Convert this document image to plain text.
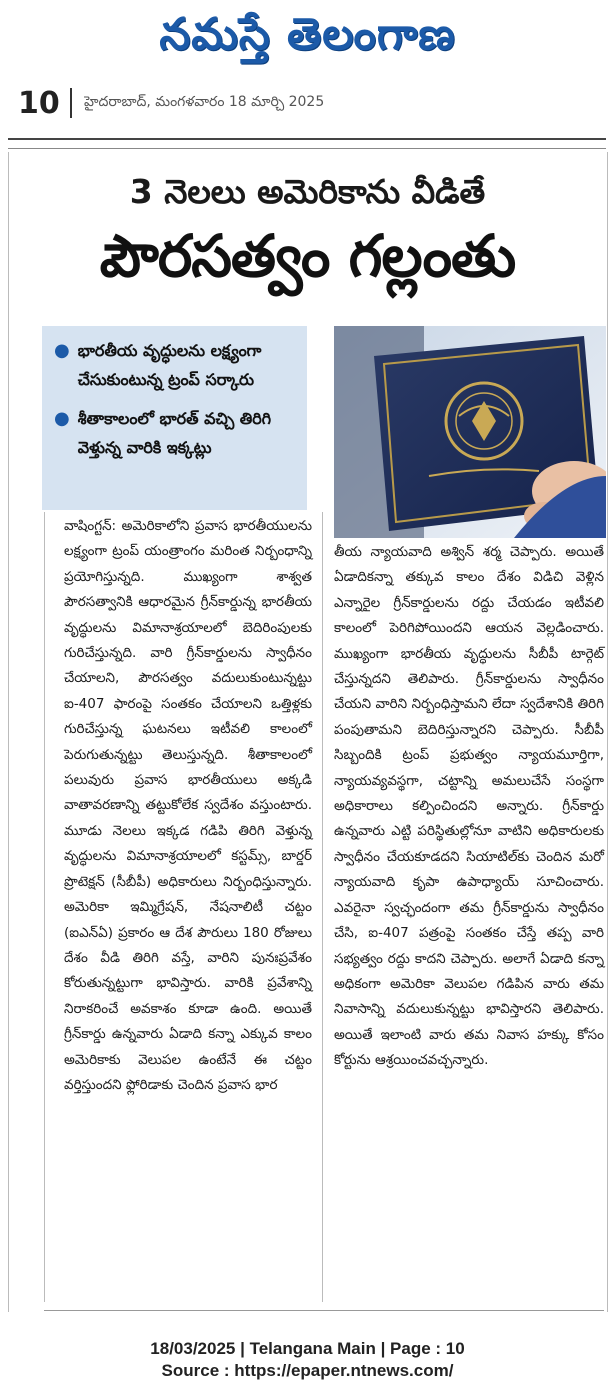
నమస్తే తెలంగాణ
10	హైదరాబాద్, మంగళవారం 18 మార్చి 2025
3 నెలలు అమెరికాను వీడితే
పౌరసత్వం గల్లంతు
● భారతీయ వృద్ధులను లక్ష్యంగా చేసుకుంటున్న ట్రంప్ సర్కారు
● శీతాకాలంలో భారత్ వచ్చి తిరిగి వెళ్తున్న వారికి ఇక్కట్లు
వాషింగ్టన్: అమెరికాలోని ప్రవాస భారతీయులను లక్ష్యంగా ట్రంప్ యంత్రాంగం మరింత నిర్బంధాన్ని ప్రయోగిస్తున్నది. ముఖ్యంగా శాశ్వత పౌరసత్వానికి ఆధారమైన గ్రీన్‌కార్డున్న భారతీయ వృద్ధులను విమానాశ్రయాలలో బెదిరింపులకు గురిచేస్తున్నది. వారి గ్రీన్‌కార్డులను స్వాధీనం చేయాలని, పౌరసత్వం వదులుకుంటున్నట్టు ఐ-407 ఫారంపై సంతకం చేయాలని ఒత్తిళ్లకు గురిచేస్తున్న ఘటనలు ఇటీవలి కాలంలో పెరుగుతున్నట్టు తెలుస్తున్నది. శీతాకాలంలో పలువురు ప్రవాస భారతీయులు అక్కడి వాతావరణాన్ని తట్టుకోలేక స్వదేశం వస్తుంటారు. మూడు నెలలు ఇక్కడ గడిపి తిరిగి వెళ్తున్న వృద్ధులను విమానాశ్రయాలలో కస్టమ్స్, బార్డర్ ప్రొటెక్షన్ (సీబీపీ) అధికారులు నిర్బంధిస్తున్నారు. అమెరికా ఇమ్మిగ్రేషన్, నేషనాలిటీ చట్టం (ఐఎన్ఏ) ప్రకారం ఆ దేశ పౌరులు 180 రోజులు దేశం వీడి తిరిగి వస్తే, వారిని పునఃప్రవేశం కోరుతున్నట్టుగా భావిస్తారు. వారికి ప్రవేశాన్ని నిరాకరించే అవకాశం కూడా ఉంది. అయితే గ్రీన్‌కార్డు ఉన్నవారు ఏడాది కన్నా ఎక్కువ కాలం అమెరికాకు వెలుపల ఉంటేనే ఈ చట్టం వర్తిస్తుందని ఫ్లోరిడాకు చెందిన ప్రవాస భార
తీయ న్యాయవాది అశ్విన్ శర్మ చెప్పారు. అయితే ఏడాదికన్నా తక్కువ కాలం దేశం విడిచి వెళ్లిన ఎన్నారైల గ్రీన్‌కార్డులను రద్దు చేయడం ఇటీవలి కాలంలో పెరిగిపోయిందని ఆయన వెల్లడించారు. ముఖ్యంగా భారతీయ వృద్ధులను సీబీపీ టార్గెట్ చేస్తున్నదని తెలిపారు. గ్రీన్‌కార్డులను స్వాధీనం చేయని వారిని నిర్బంధిస్తామని లేదా స్వదేశానికి తిరిగి పంపుతామని బెదిరిస్తున్నారని చెప్పారు. సీబీపీ సిబ్బందికి ట్రంప్ ప్రభుత్వం న్యాయమూర్తిగా, న్యాయవ్యవస్థగా, చట్టాన్ని అమలుచేసే సంస్థగా అధికారాలు కల్పించిందని అన్నారు. గ్రీన్‌కార్డు ఉన్నవారు ఎట్టి పరిస్థితుల్లోనూ వాటిని అధికారులకు స్వాధీనం చేయకూడదని సియాటిల్‌కు చెందిన మరో న్యాయవాది కృపా ఉపాధ్యాయ్ సూచించారు. ఎవరైనా స్వచ్ఛందంగా తమ గ్రీన్‌కార్డును స్వాధీనం చేసి, ఐ-407 పత్రంపై సంతకం చేస్తే తప్ప వారి సభ్యత్వం రద్దు కాదని చెప్పారు. అలాగే ఏడాది కన్నా అధికంగా అమెరికా వెలుపల గడిపిన వారు తమ నివాసాన్ని వదులుకున్నట్టు భావిస్తారని తెలిపారు. అయితే ఇలాంటి వారు తమ నివాస హక్కు కోసం కోర్టును ఆశ్రయించవచ్చన్నారు.
18/03/2025 | Telangana Main | Page : 10
Source : https://epaper.ntnews.com/
